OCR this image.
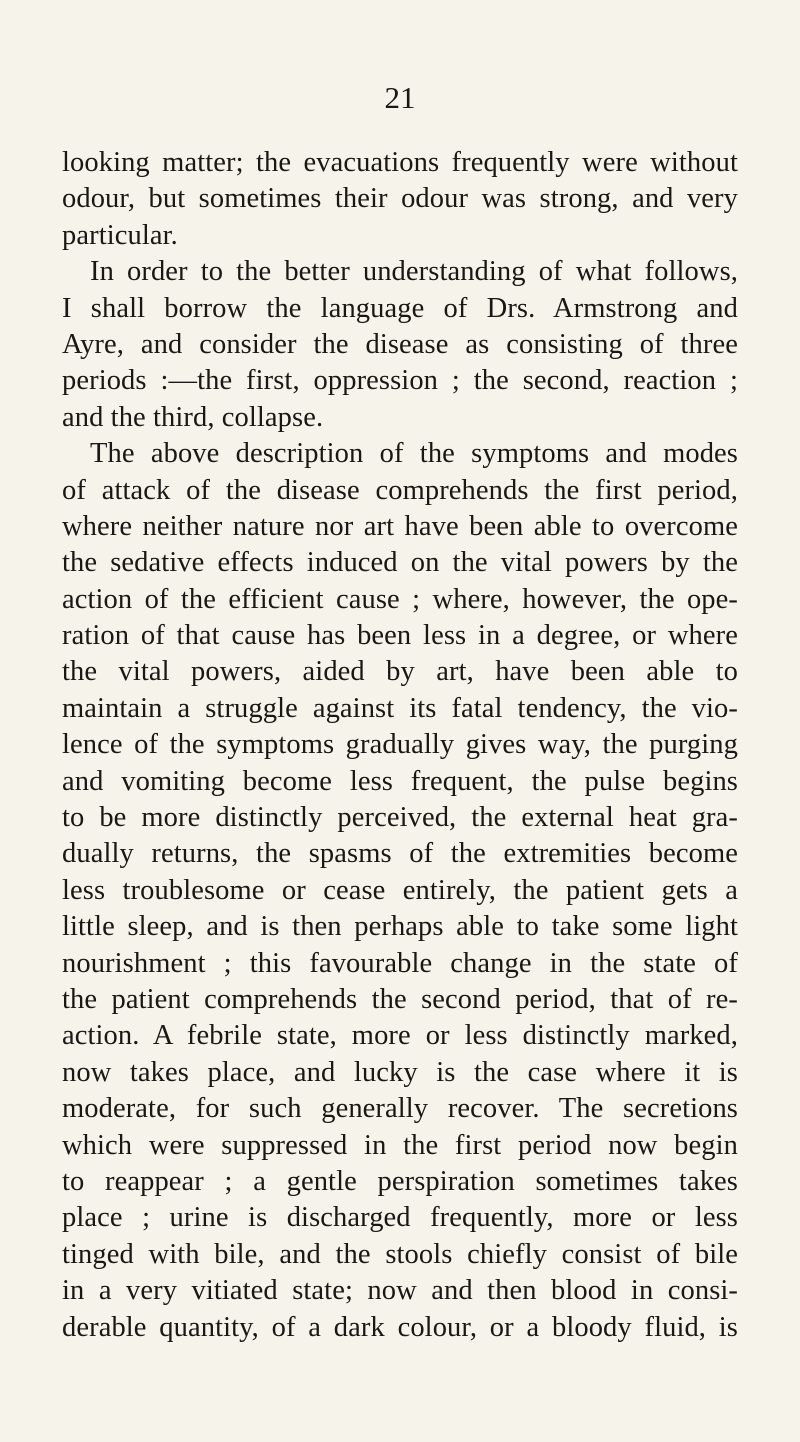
21
looking matter; the evacuations frequently were without
odour, but sometimes their odour was strong, and very
particular.
In order to the better understanding of what follows,
I shall borrow the language of Drs. Armstrong and
Ayre, and consider the disease as consisting of three
periods :—the first, oppression ; the second, reaction ;
and the third, collapse.
The above description of the symptoms and modes
of attack of the disease comprehends the first period,
where neither nature nor art have been able to overcome
the sedative effects induced on the vital powers by the
action of the efficient cause ; where, however, the ope-
ration of that cause has been less in a degree, or where
the vital powers, aided by art, have been able to
maintain a struggle against its fatal tendency, the vio-
lence of the symptoms gradually gives way, the purging
and vomiting become less frequent, the pulse begins
to be more distinctly perceived, the external heat gra-
dually returns, the spasms of the extremities become
less troublesome or cease entirely, the patient gets a
little sleep, and is then perhaps able to take some light
nourishment ; this favourable change in the state of
the patient comprehends the second period, that of re-
action. A febrile state, more or less distinctly marked,
now takes place, and lucky is the case where it is
moderate, for such generally recover. The secretions
which were suppressed in the first period now begin
to reappear ; a gentle perspiration sometimes takes
place ; urine is discharged frequently, more or less
tinged with bile, and the stools chiefly consist of bile
in a very vitiated state; now and then blood in consi-
derable quantity, of a dark colour, or a bloody fluid, is
